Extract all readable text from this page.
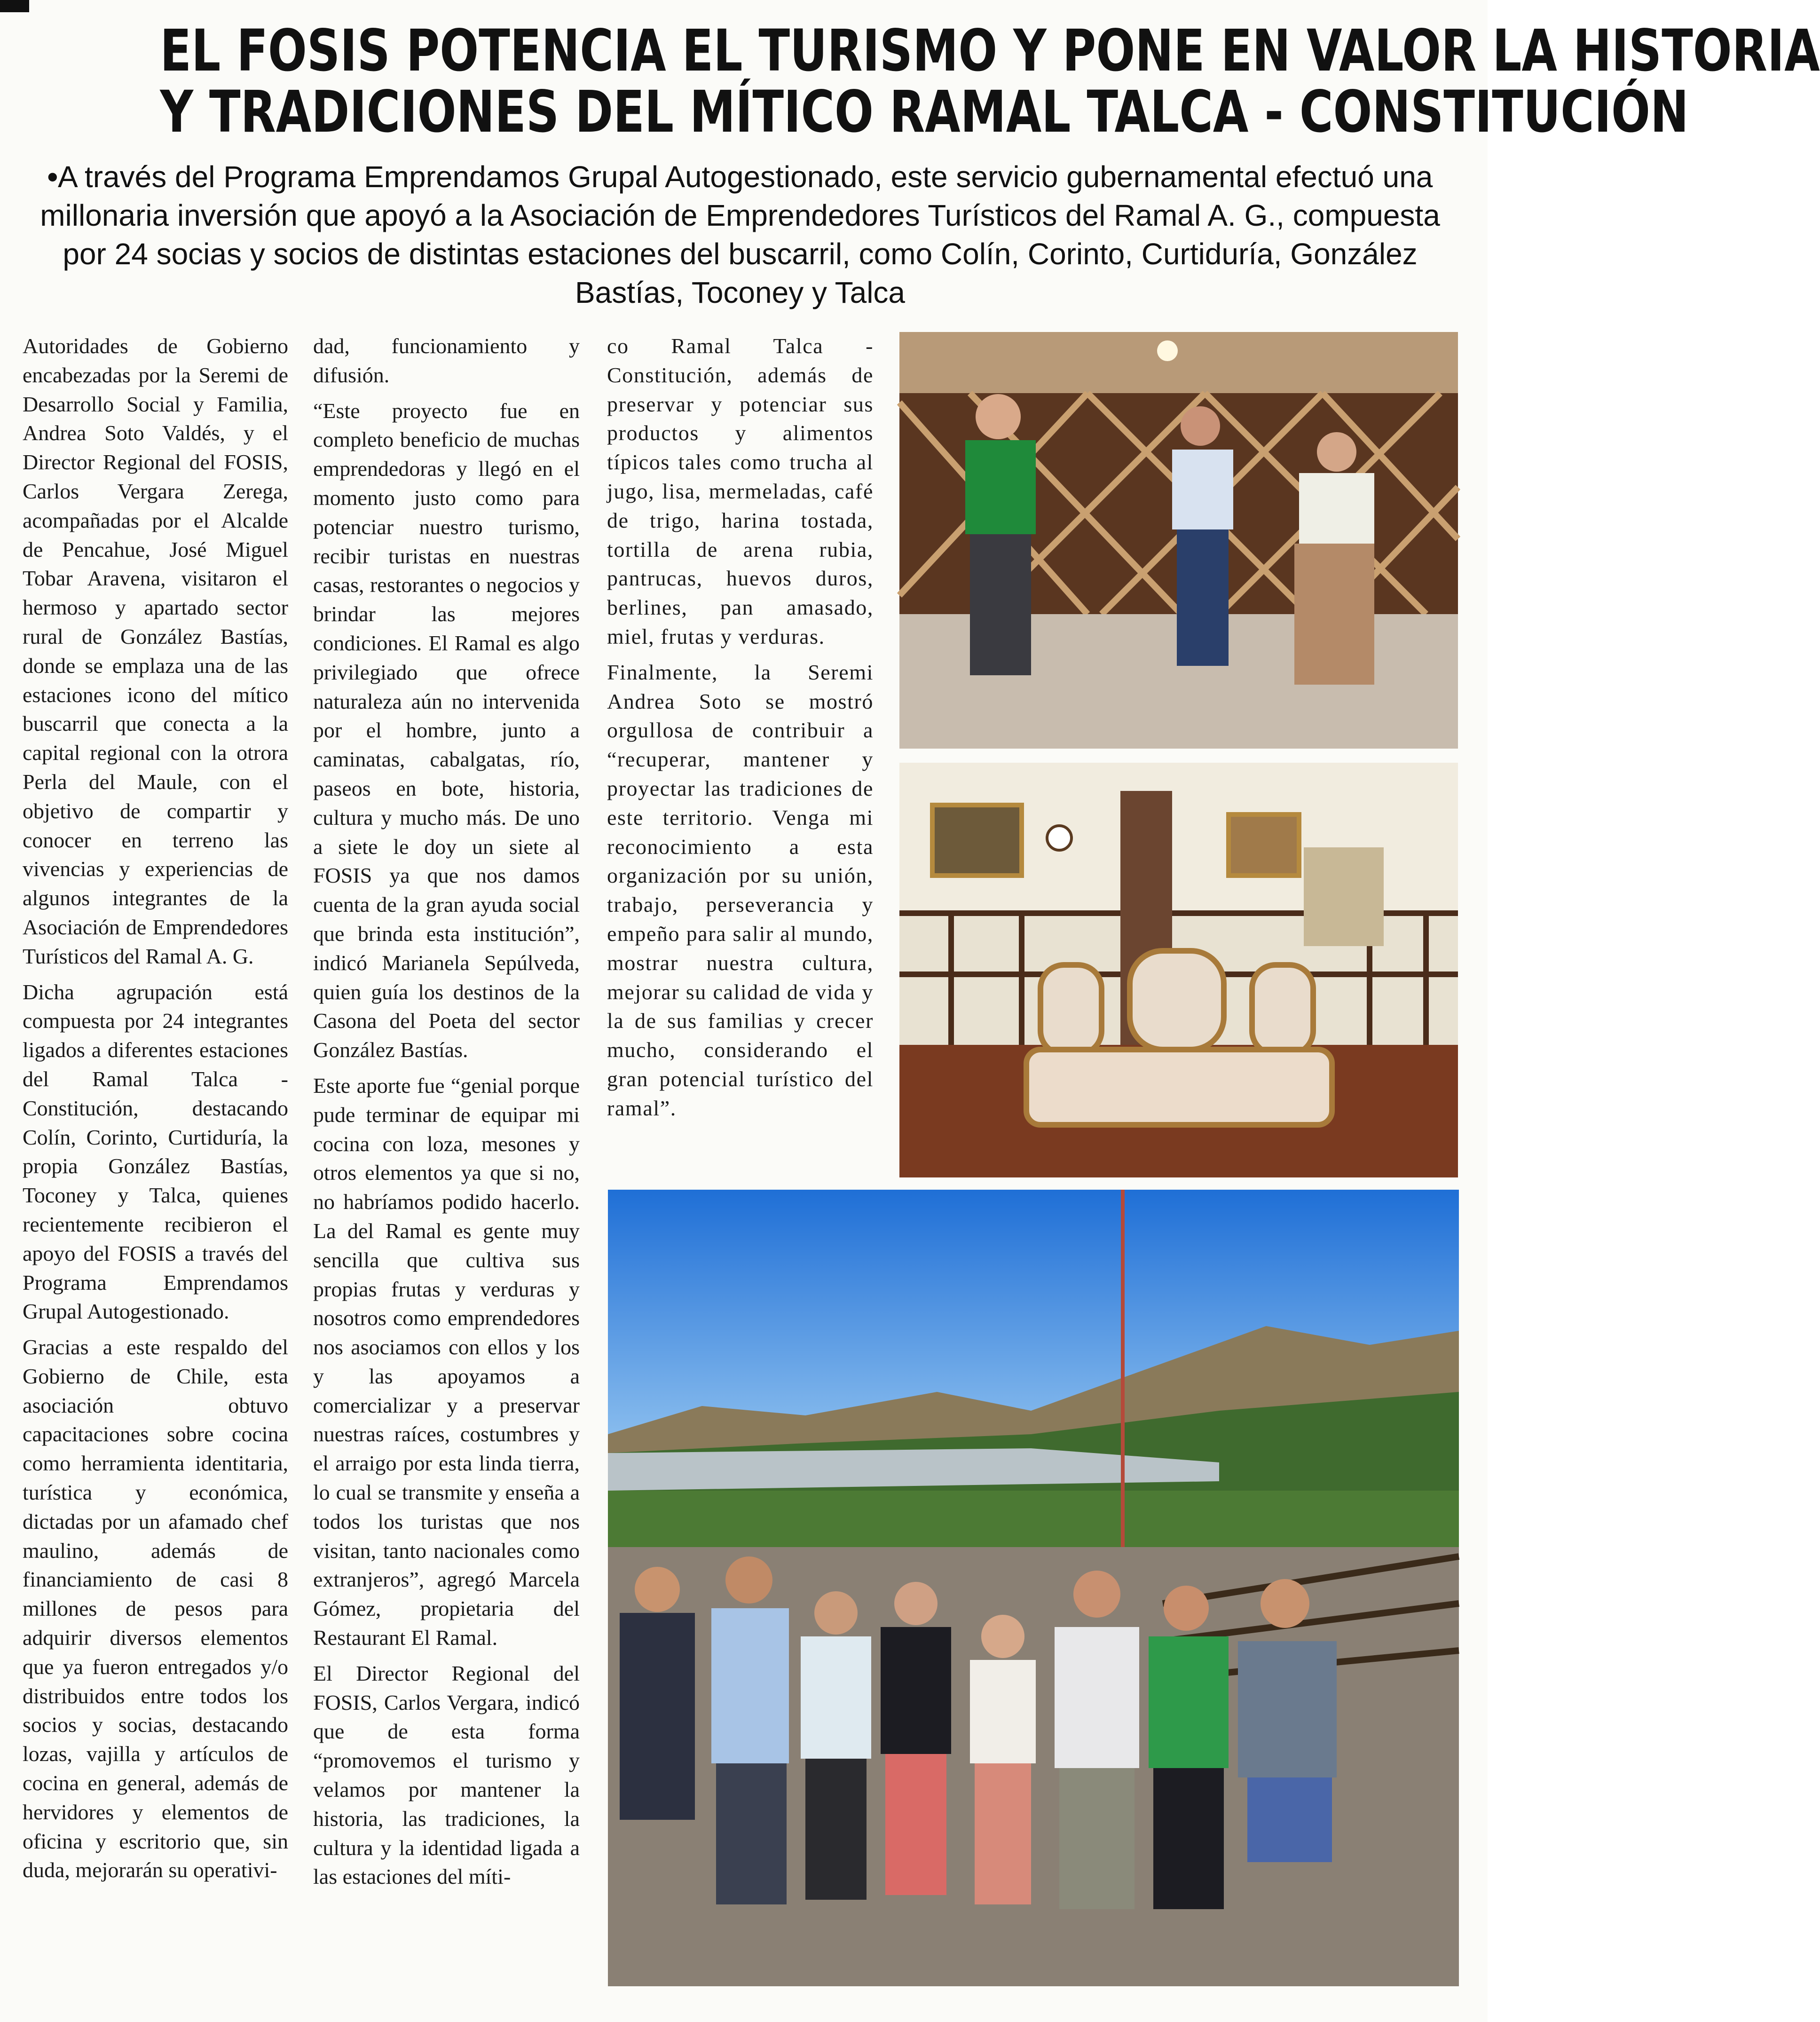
EL FOSIS POTENCIA EL TURISMO Y PONE EN VALOR LA HISTORIA
Y TRADICIONES DEL MÍTICO RAMAL TALCA - CONSTITUCIÓN
•A través del Programa Emprendamos Grupal Autogestionado, este servicio gubernamental efectuó una millonaria inversión que apoyó a la Asociación de Emprendedores Turísticos del Ramal A. G., compuesta por 24 socias y socios de distintas estaciones del buscarril, como Colín, Corinto, Curtiduría, González Bastías, Toconey y Talca

Autoridades de Gobierno encabezadas por la Seremi de Desarrollo Social y Familia, Andrea Soto Valdés, y el Director Regional del FOSIS, Carlos Vergara Zerega, acompañadas por el Alcalde de Pencahue, José Miguel Tobar Aravena, visitaron el hermoso y apartado sector rural de González Bastías, donde se emplaza una de las estaciones icono del mítico buscarril que conecta a la capital regional con la otrora Perla del Maule, con el objetivo de compartir y conocer en terreno las vivencias y experiencias de algunos integrantes de la Asociación de Emprendedores Turísticos del Ramal A. G.

Dicha agrupación está compuesta por 24 integrantes ligados a diferentes estaciones del Ramal Talca - Constitución, destacando Colín, Corinto, Curtiduría, la propia González Bastías, Toconey y Talca, quienes recientemente recibieron el apoyo del FOSIS a través del Programa Emprendamos Grupal Autogestionado.

Gracias a este respaldo del Gobierno de Chile, esta asociación obtuvo capacitaciones sobre cocina como herramienta identitaria, turística y económica, dictadas por un afamado chef maulino, además de financiamiento de casi 8 millones de pesos para adquirir diversos elementos que ya fueron entregados y/o distribuidos entre todos los socios y socias, destacando lozas, vajilla y artículos de cocina en general, además de hervidores y elementos de oficina y escritorio que, sin duda, mejorarán su operativi-

dad, funcionamiento y difusión.

“Este proyecto fue en completo beneficio de muchas emprendedoras y llegó en el momento justo como para potenciar nuestro turismo, recibir turistas en nuestras casas, restorantes o negocios y brindar las mejores condiciones. El Ramal es algo privilegiado que ofrece naturaleza aún no intervenida por el hombre, junto a caminatas, cabalgatas, río, paseos en bote, historia, cultura y mucho más. De uno a siete le doy un siete al FOSIS ya que nos damos cuenta de la gran ayuda social que brinda esta institución”, indicó Marianela Sepúlveda, quien guía los destinos de la Casona del Poeta del sector González Bastías.

Este aporte fue “genial porque pude terminar de equipar mi cocina con loza, mesones y otros elementos ya que si no, no habríamos podido hacerlo. La del Ramal es gente muy sencilla que cultiva sus propias frutas y verduras y nosotros como emprendedores nos asociamos con ellos y los y las apoyamos a comercializar y a preservar nuestras raíces, costumbres y el arraigo por esta linda tierra, lo cual se transmite y enseña a todos los turistas que nos visitan, tanto nacionales como extranjeros”, agregó Marcela Gómez, propietaria del Restaurant El Ramal.

El Director Regional del FOSIS, Carlos Vergara, indicó que de esta forma “promovemos el turismo y velamos por mantener la historia, las tradiciones, la cultura y la identidad ligada a las estaciones del míti-

co Ramal Talca - Constitución, además de preservar y potenciar sus productos y alimentos típicos tales como trucha al jugo, lisa, mermeladas, café de trigo, harina tostada, tortilla de arena rubia, pantrucas, huevos duros, berlines, pan amasado, miel, frutas y verduras.

Finalmente, la Seremi Andrea Soto se mostró orgullosa de contribuir a “recuperar, mantener y proyectar las tradiciones de este territorio. Venga mi reconocimiento a esta organización por su unión, trabajo, perseverancia y empeño para salir al mundo, mostrar nuestra cultura, mejorar su calidad de vida y la de sus familias y crecer mucho, considerando el gran potencial turístico del ramal”.
